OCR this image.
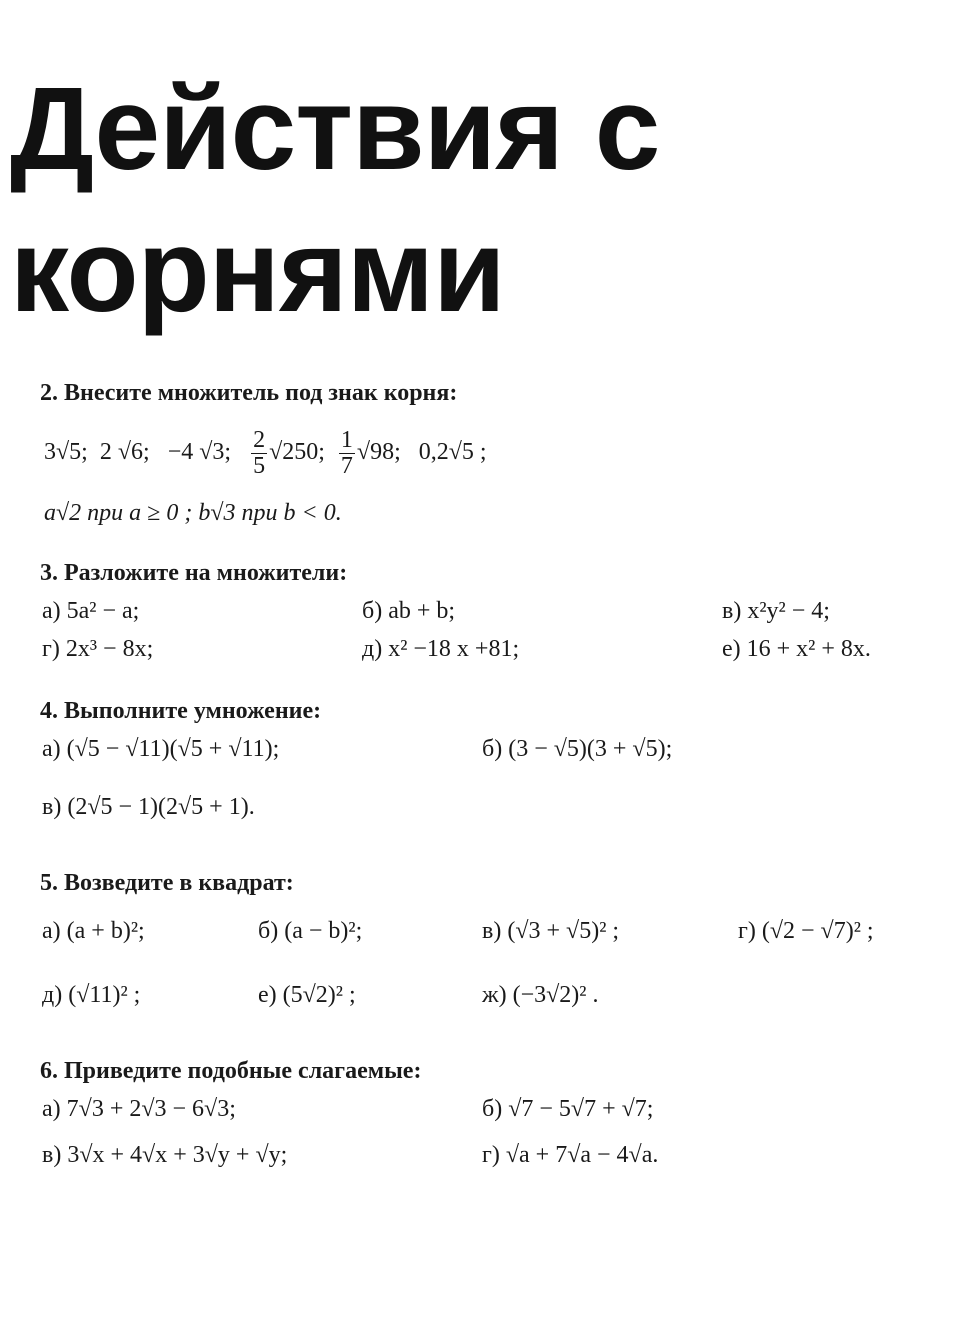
Действия с
корнями
2. Внесите множитель под знак корня:
3√5; 2 √6; −4 √3; $\frac{2}{5} √250$; $\frac{1}{7} √98$; 0,2√5 ;
a√2 при a ≥ 0 ; b√3 при b < 0.
3. Разложите на множители:
а) 5a² − a;	б) ab + b;	в) x²y² − 4;
г) 2x³ − 8x;	д) x² −18 x +81;	е) 16 + x² + 8x.
4. Выполните умножение:
а) (√5 − √11)(√5 + √11);	б) (3 − √5)(3 + √5);
в) (2√5 − 1)(2√5 + 1).
5. Возведите в квадрат:
а) (a + b)²;	б) (a − b)²;	в) (√3 + √5)² ;	г) (√2 − √7)² ;
д) (√11)² ;	е) (5√2)² ;	ж) (−3√2)² .
6. Приведите подобные слагаемые:
а) 7√3 + 2√3 − 6√3;	б) √7 − 5√7 + √7;
в) 3√x + 4√x + 3√y + √y;	г) √a + 7√a − 4√a.
